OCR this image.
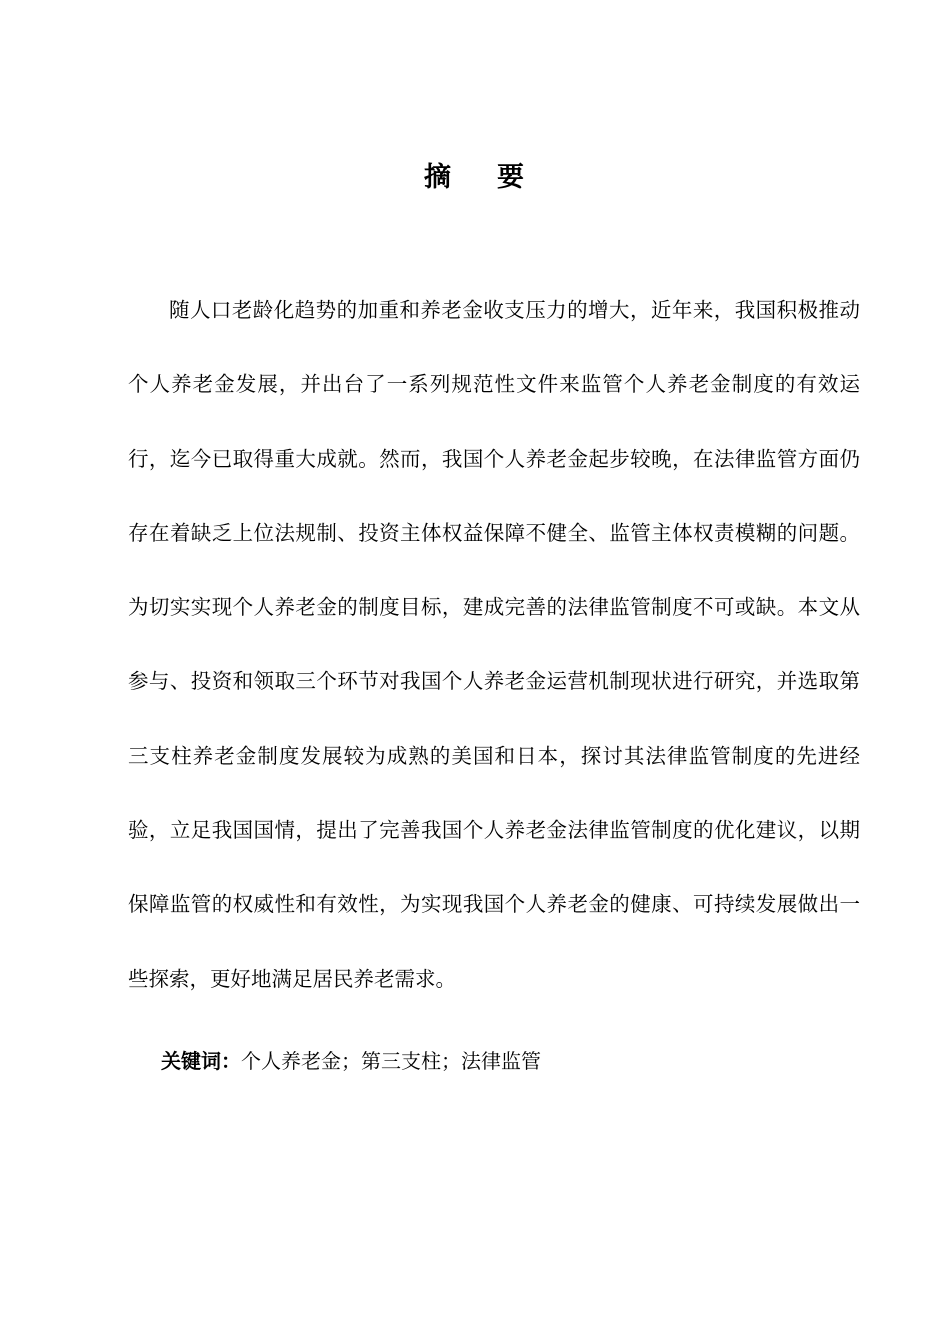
摘 要

随人口老龄化趋势的加重和养老金收支压力的增大，近年来，我国积极推动个人养老金发展，并出台了一系列规范性文件来监管个人养老金制度的有效运行，迄今已取得重大成就。然而，我国个人养老金起步较晚，在法律监管方面仍存在着缺乏上位法规制、投资主体权益保障不健全、监管主体权责模糊的问题。为切实实现个人养老金的制度目标，建成完善的法律监管制度不可或缺。本文从参与、投资和领取三个环节对我国个人养老金运营机制现状进行研究，并选取第三支柱养老金制度发展较为成熟的美国和日本，探讨其法律监管制度的先进经验，立足我国国情，提出了完善我国个人养老金法律监管制度的优化建议，以期保障监管的权威性和有效性，为实现我国个人养老金的健康、可持续发展做出一些探索，更好地满足居民养老需求。

关键词：个人养老金；第三支柱；法律监管
